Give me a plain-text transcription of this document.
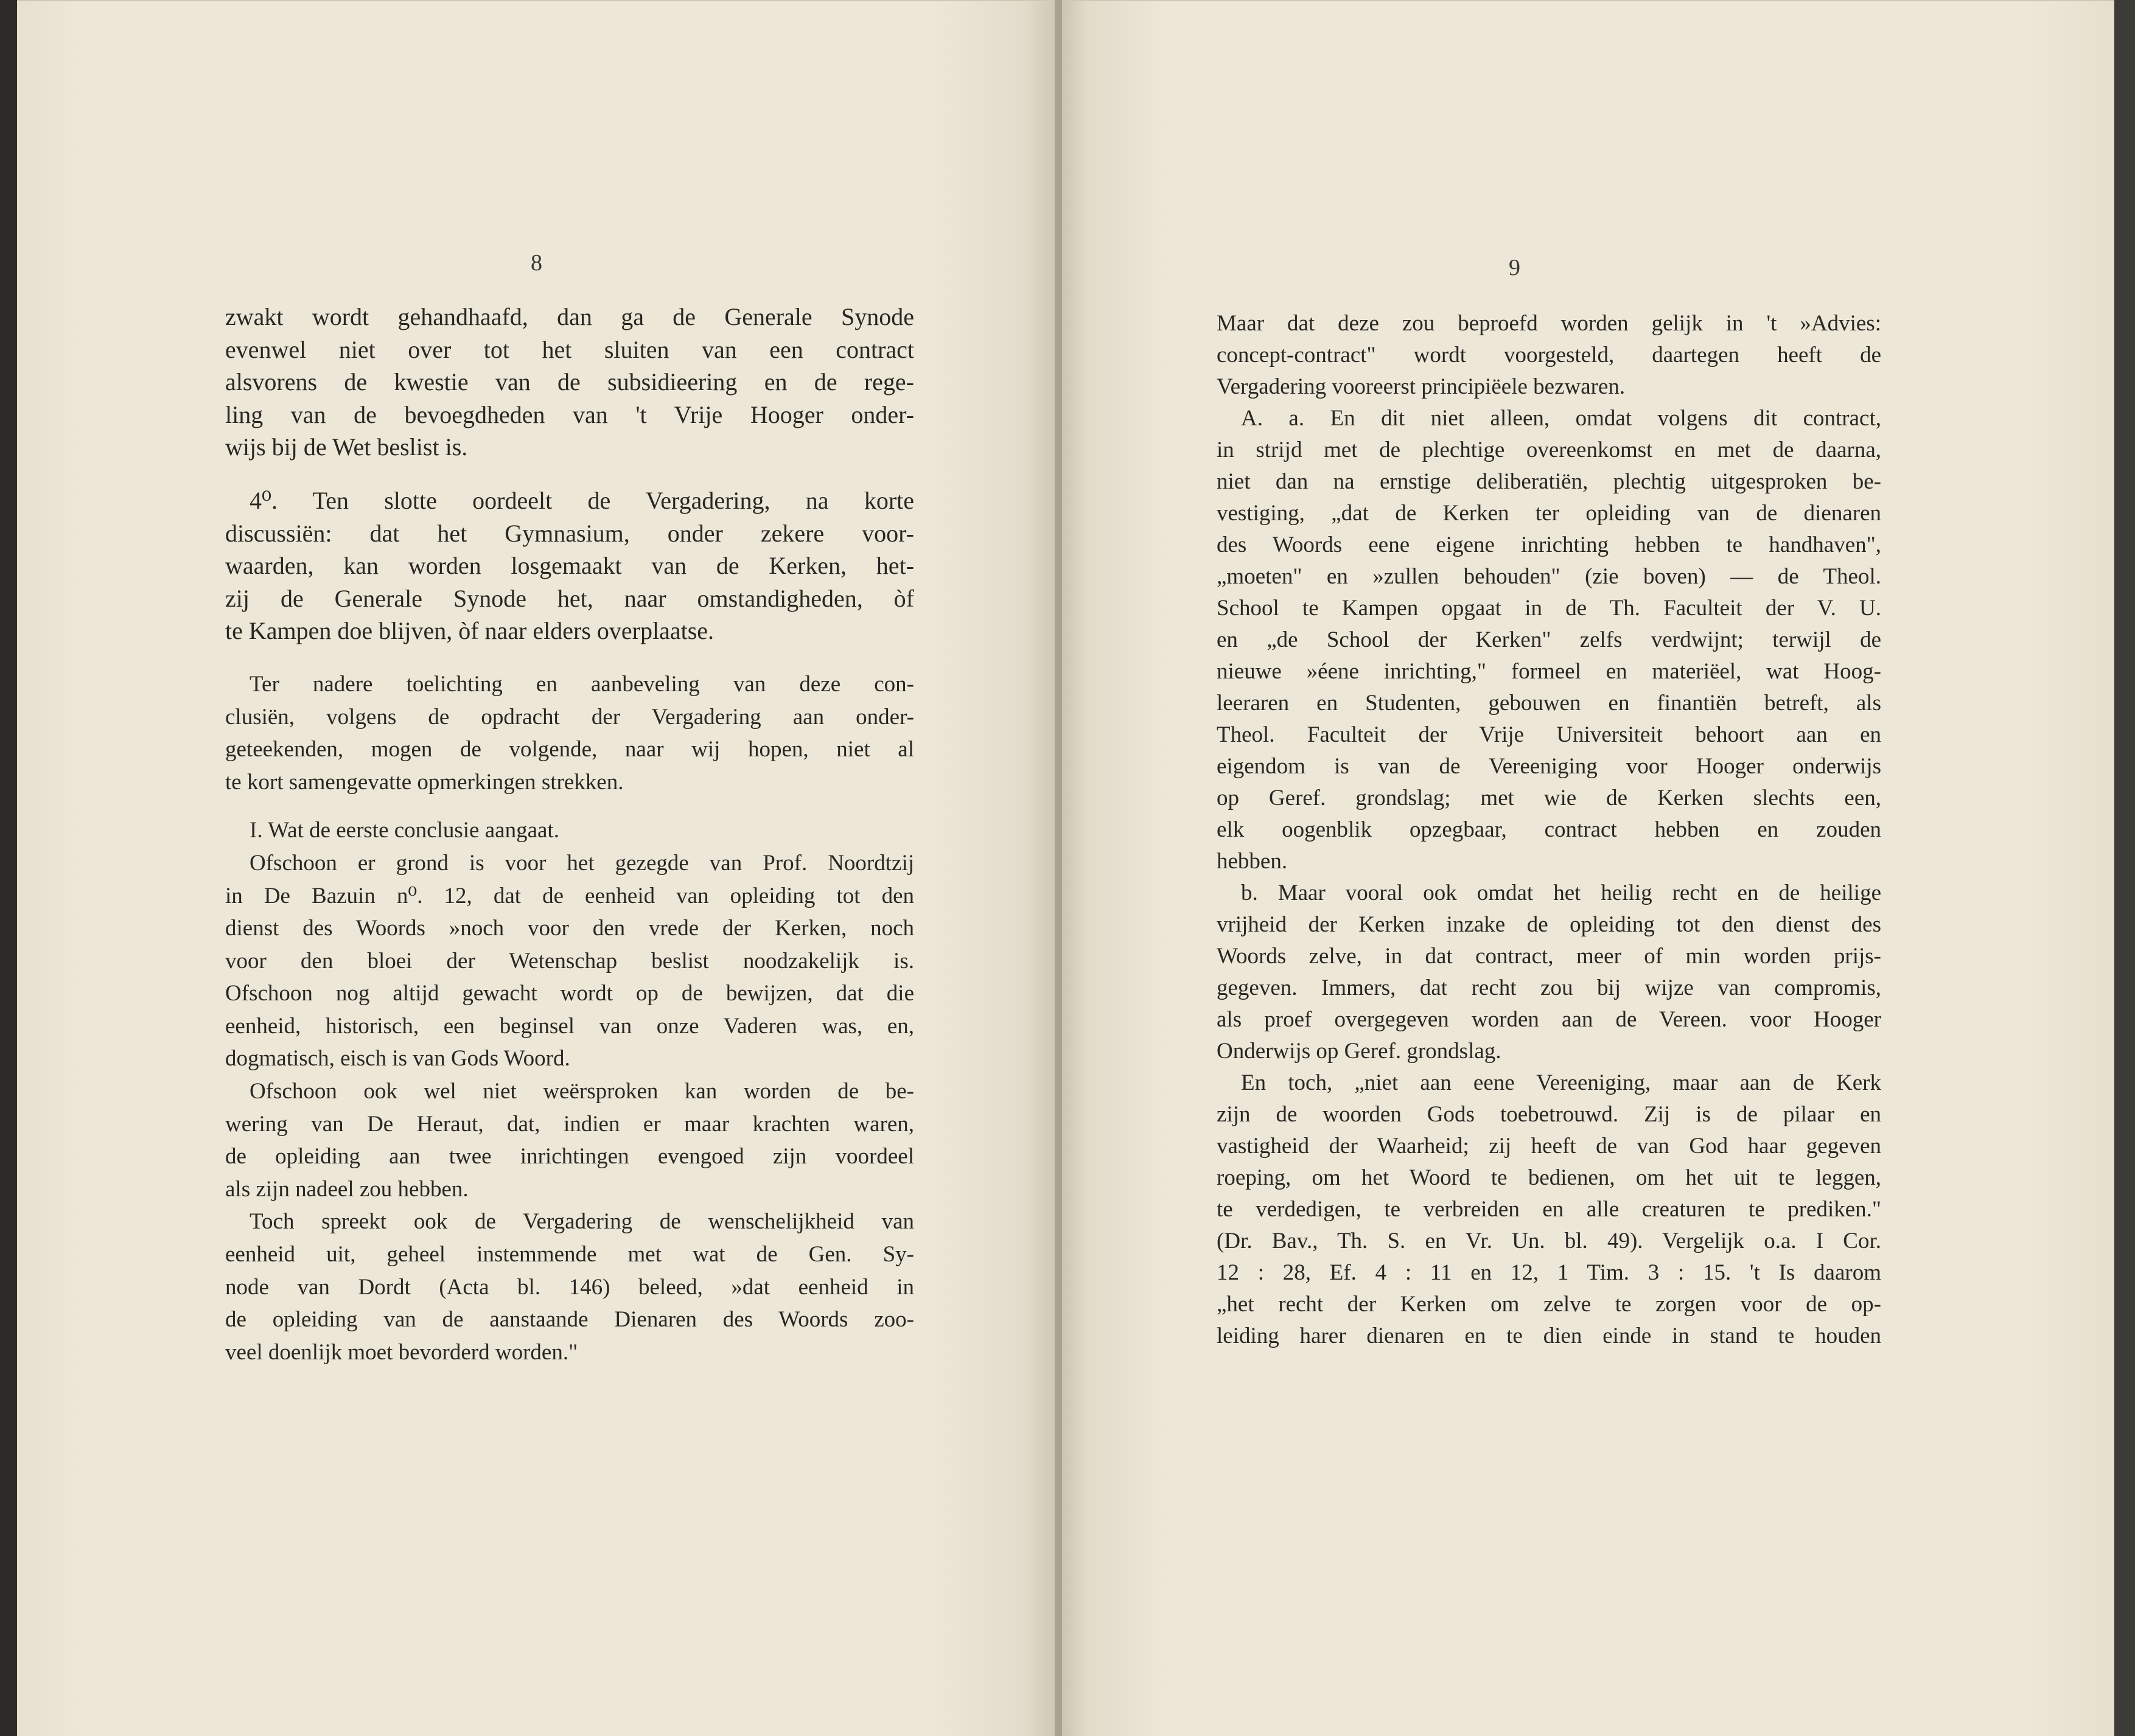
8	9
zwakt wordt gehandhaafd, dan ga de Generale Synode
evenwel niet over tot het sluiten van een contract
alsvorens de kwestie van de subsidieering en de rege-
ling van de bevoegdheden van 't Vrije Hooger onder-
wijs bij de Wet beslist is.
4⁰. Ten slotte oordeelt de Vergadering, na korte
discussiën: dat het Gymnasium, onder zekere voor-
waarden, kan worden losgemaakt van de Kerken, het-
zij de Generale Synode het, naar omstandigheden, òf
te Kampen doe blijven, òf naar elders overplaatse.
Ter nadere toelichting en aanbeveling van deze con-
clusiën, volgens de opdracht der Vergadering aan onder-
geteekenden, mogen de volgende, naar wij hopen, niet al
te kort samengevatte opmerkingen strekken.
I. Wat de eerste conclusie aangaat.
Ofschoon er grond is voor het gezegde van Prof. Noordtzij
in De Bazuin n⁰. 12, dat de eenheid van opleiding tot den
dienst des Woords »noch voor den vrede der Kerken, noch
voor den bloei der Wetenschap beslist noodzakelijk is.
Ofschoon nog altijd gewacht wordt op de bewijzen, dat die
eenheid, historisch, een beginsel van onze Vaderen was, en,
dogmatisch, eisch is van Gods Woord.
Ofschoon ook wel niet weërsproken kan worden de be-
wering van De Heraut, dat, indien er maar krachten waren,
de opleiding aan twee inrichtingen evengoed zijn voordeel
als zijn nadeel zou hebben.
Toch spreekt ook de Vergadering de wenschelijkheid van
eenheid uit, geheel instemmende met wat de Gen. Sy-
node van Dordt (Acta bl. 146) beleed, »dat eenheid in
de opleiding van de aanstaande Dienaren des Woords zoo-
veel doenlijk moet bevorderd worden."
Maar dat deze zou beproefd worden gelijk in 't »Advies:
concept-contract" wordt voorgesteld, daartegen heeft de
Vergadering vooreerst principiëele bezwaren.
A. a. En dit niet alleen, omdat volgens dit contract,
in strijd met de plechtige overeenkomst en met de daarna,
niet dan na ernstige deliberatiën, plechtig uitgesproken be-
vestiging, „dat de Kerken ter opleiding van de dienaren
des Woords eene eigene inrichting hebben te handhaven",
„moeten" en »zullen behouden" (zie boven) — de Theol.
School te Kampen opgaat in de Th. Faculteit der V. U.
en „de School der Kerken" zelfs verdwijnt; terwijl de
nieuwe »éene inrichting," formeel en materiëel, wat Hoog-
leeraren en Studenten, gebouwen en finantiën betreft, als
Theol. Faculteit der Vrije Universiteit behoort aan en
eigendom is van de Vereeniging voor Hooger onderwijs
op Geref. grondslag; met wie de Kerken slechts een,
elk oogenblik opzegbaar, contract hebben en zouden
hebben.
b. Maar vooral ook omdat het heilig recht en de heilige
vrijheid der Kerken inzake de opleiding tot den dienst des
Woords zelve, in dat contract, meer of min worden prijs-
gegeven. Immers, dat recht zou bij wijze van compromis,
als proef overgegeven worden aan de Vereen. voor Hooger
Onderwijs op Geref. grondslag.
En toch, „niet aan eene Vereeniging, maar aan de Kerk
zijn de woorden Gods toebetrouwd. Zij is de pilaar en
vastigheid der Waarheid; zij heeft de van God haar gegeven
roeping, om het Woord te bedienen, om het uit te leggen,
te verdedigen, te verbreiden en alle creaturen te prediken."
(Dr. Bav., Th. S. en Vr. Un. bl. 49). Vergelijk o.a. I Cor.
12 : 28, Ef. 4 : 11 en 12, 1 Tim. 3 : 15. 't Is daarom
„het recht der Kerken om zelve te zorgen voor de op-
leiding harer dienaren en te dien einde in stand te houden
